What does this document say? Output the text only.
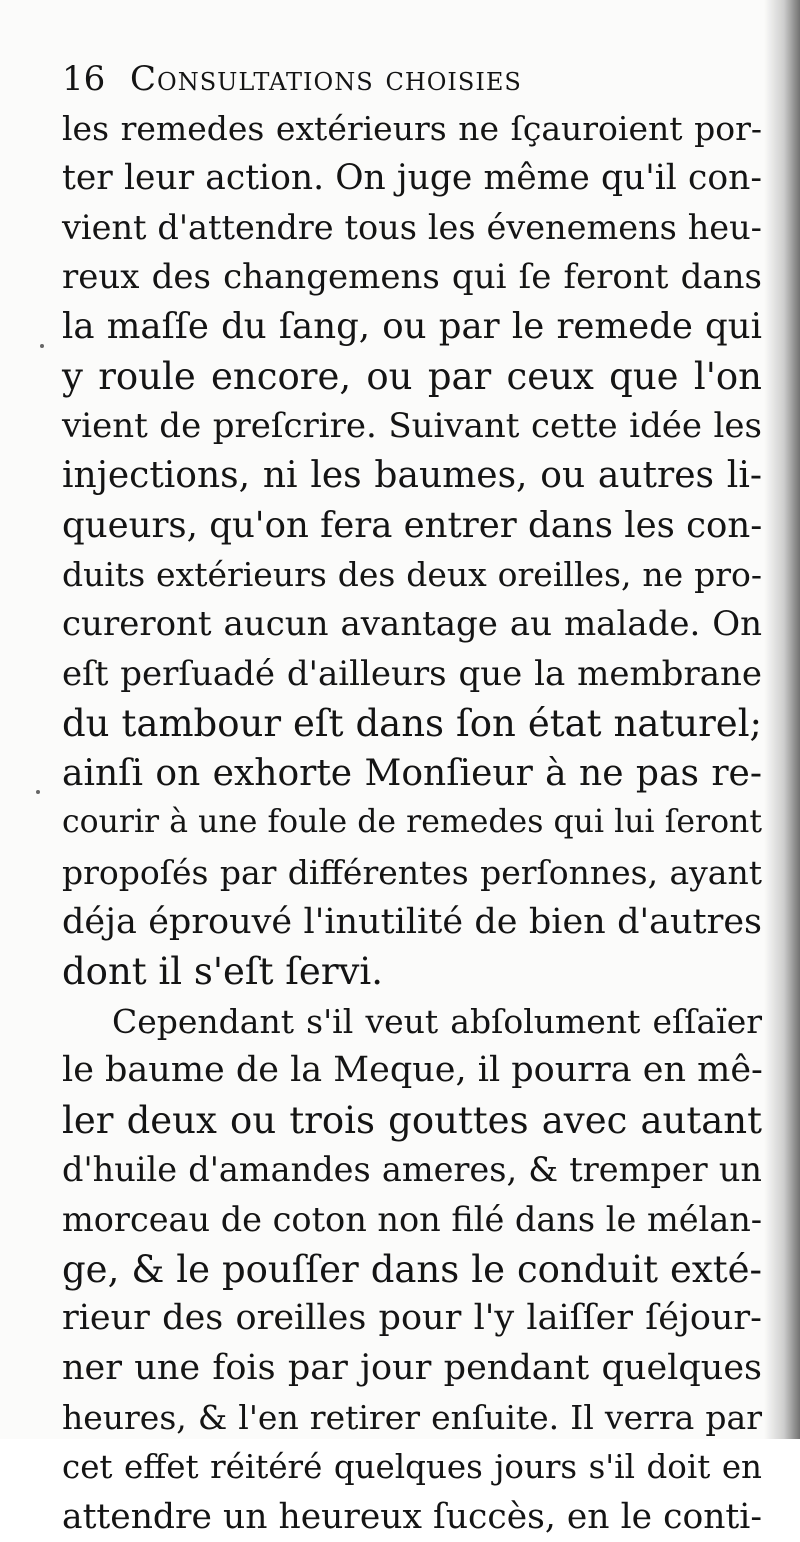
16 Consultations choisies
les remedes extérieurs ne ſçauroient por-
ter leur action. On juge même qu'il con-
vient d'attendre tous les évenemens heu-
reux des changemens qui ſe feront dans
la maſſe du ſang, ou par le remede qui
y roule encore, ou par ceux que l'on
vient de preſcrire. Suivant cette idée les
injections, ni les baumes, ou autres li-
queurs, qu'on fera entrer dans les con-
duits extérieurs des deux oreilles, ne pro-
cureront aucun avantage au malade. On
eſt perſuadé d'ailleurs que la membrane
du tambour eſt dans ſon état naturel;
ainſi on exhorte Monſieur à ne pas re-
courir à une foule de remedes qui lui ſeront
propoſés par différentes perſonnes, ayant
déja éprouvé l'inutilité de bien d'autres
dont il s'eſt ſervi.
Cependant s'il veut abſolument eſſaïer
le baume de la Meque, il pourra en mê-
ler deux ou trois gouttes avec autant
d'huile d'amandes ameres, & tremper un
morceau de coton non filé dans le mélan-
ge, & le pouſſer dans le conduit exté-
rieur des oreilles pour l'y laiſſer ſéjour-
ner une fois par jour pendant quelques
heures, & l'en retirer enſuite. Il verra par
cet effet réitéré quelques jours s'il doit en
attendre un heureux ſuccès, en le conti-
